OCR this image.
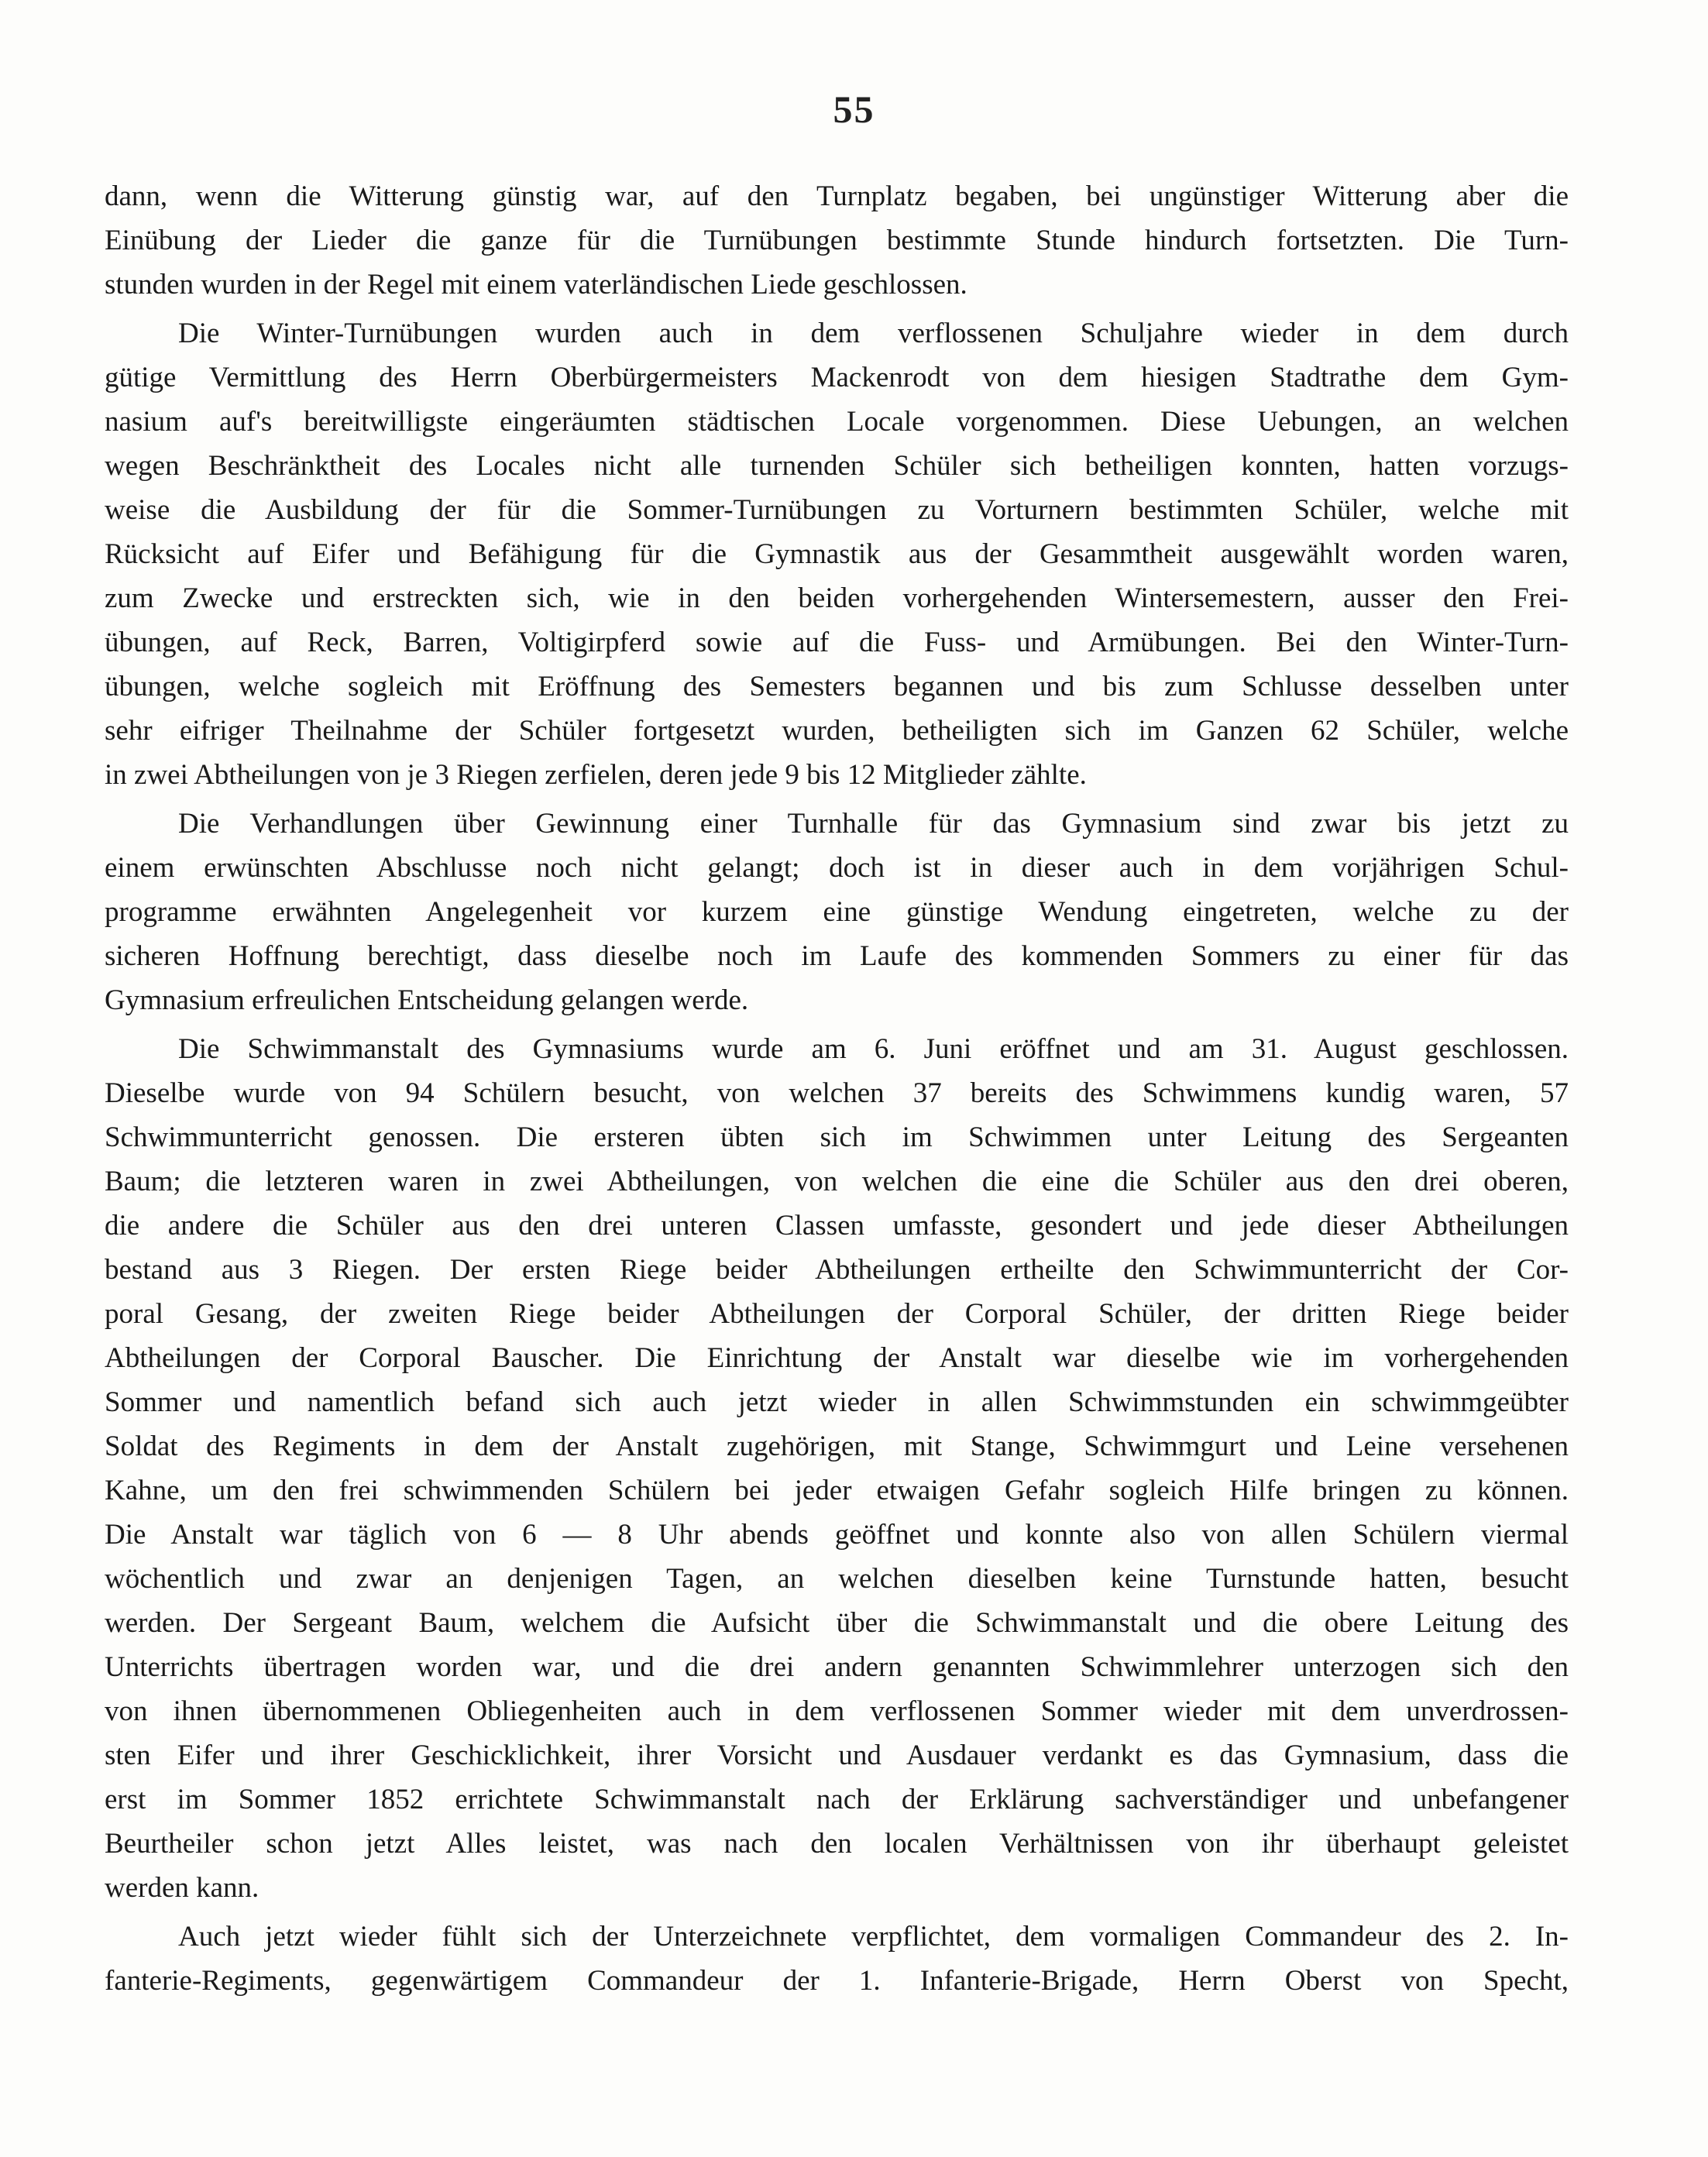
55
dann, wenn die Witterung günstig war, auf den Turnplatz begaben, bei ungünstiger Witterung aber die
Einübung der Lieder die ganze für die Turnübungen bestimmte Stunde hindurch fortsetzten. Die Turn-
stunden wurden in der Regel mit einem vaterländischen Liede geschlossen.
Die Winter-Turnübungen wurden auch in dem verflossenen Schuljahre wieder in dem durch
gütige Vermittlung des Herrn Oberbürgermeisters Mackenrodt von dem hiesigen Stadtrathe dem Gym-
nasium auf's bereitwilligste eingeräumten städtischen Locale vorgenommen. Diese Uebungen, an welchen
wegen Beschränktheit des Locales nicht alle turnenden Schüler sich betheiligen konnten, hatten vorzugs-
weise die Ausbildung der für die Sommer-Turnübungen zu Vorturnern bestimmten Schüler, welche mit
Rücksicht auf Eifer und Befähigung für die Gymnastik aus der Gesammtheit ausgewählt worden waren,
zum Zwecke und erstreckten sich, wie in den beiden vorhergehenden Wintersemestern, ausser den Frei-
übungen, auf Reck, Barren, Voltigirpferd sowie auf die Fuss- und Armübungen. Bei den Winter-Turn-
übungen, welche sogleich mit Eröffnung des Semesters begannen und bis zum Schlusse desselben unter
sehr eifriger Theilnahme der Schüler fortgesetzt wurden, betheiligten sich im Ganzen 62 Schüler, welche
in zwei Abtheilungen von je 3 Riegen zerfielen, deren jede 9 bis 12 Mitglieder zählte.
Die Verhandlungen über Gewinnung einer Turnhalle für das Gymnasium sind zwar bis jetzt zu
einem erwünschten Abschlusse noch nicht gelangt; doch ist in dieser auch in dem vorjährigen Schul-
programme erwähnten Angelegenheit vor kurzem eine günstige Wendung eingetreten, welche zu der
sicheren Hoffnung berechtigt, dass dieselbe noch im Laufe des kommenden Sommers zu einer für das
Gymnasium erfreulichen Entscheidung gelangen werde.
Die Schwimmanstalt des Gymnasiums wurde am 6. Juni eröffnet und am 31. August geschlossen.
Dieselbe wurde von 94 Schülern besucht, von welchen 37 bereits des Schwimmens kundig waren, 57
Schwimmunterricht genossen. Die ersteren übten sich im Schwimmen unter Leitung des Sergeanten
Baum; die letzteren waren in zwei Abtheilungen, von welchen die eine die Schüler aus den drei oberen,
die andere die Schüler aus den drei unteren Classen umfasste, gesondert und jede dieser Abtheilungen
bestand aus 3 Riegen. Der ersten Riege beider Abtheilungen ertheilte den Schwimmunterricht der Cor-
poral Gesang, der zweiten Riege beider Abtheilungen der Corporal Schüler, der dritten Riege beider
Abtheilungen der Corporal Bauscher. Die Einrichtung der Anstalt war dieselbe wie im vorhergehenden
Sommer und namentlich befand sich auch jetzt wieder in allen Schwimmstunden ein schwimmgeübter
Soldat des Regiments in dem der Anstalt zugehörigen, mit Stange, Schwimmgurt und Leine versehenen
Kahne, um den frei schwimmenden Schülern bei jeder etwaigen Gefahr sogleich Hilfe bringen zu können.
Die Anstalt war täglich von 6 — 8 Uhr abends geöffnet und konnte also von allen Schülern viermal
wöchentlich und zwar an denjenigen Tagen, an welchen dieselben keine Turnstunde hatten, besucht
werden. Der Sergeant Baum, welchem die Aufsicht über die Schwimmanstalt und die obere Leitung des
Unterrichts übertragen worden war, und die drei andern genannten Schwimmlehrer unterzogen sich den
von ihnen übernommenen Obliegenheiten auch in dem verflossenen Sommer wieder mit dem unverdrossen-
sten Eifer und ihrer Geschicklichkeit, ihrer Vorsicht und Ausdauer verdankt es das Gymnasium, dass die
erst im Sommer 1852 errichtete Schwimmanstalt nach der Erklärung sachverständiger und unbefangener
Beurtheiler schon jetzt Alles leistet, was nach den localen Verhältnissen von ihr überhaupt geleistet
werden kann.
Auch jetzt wieder fühlt sich der Unterzeichnete verpflichtet, dem vormaligen Commandeur des 2. In-
fanterie-Regiments, gegenwärtigem Commandeur der 1. Infanterie-Brigade, Herrn Oberst von Specht,
